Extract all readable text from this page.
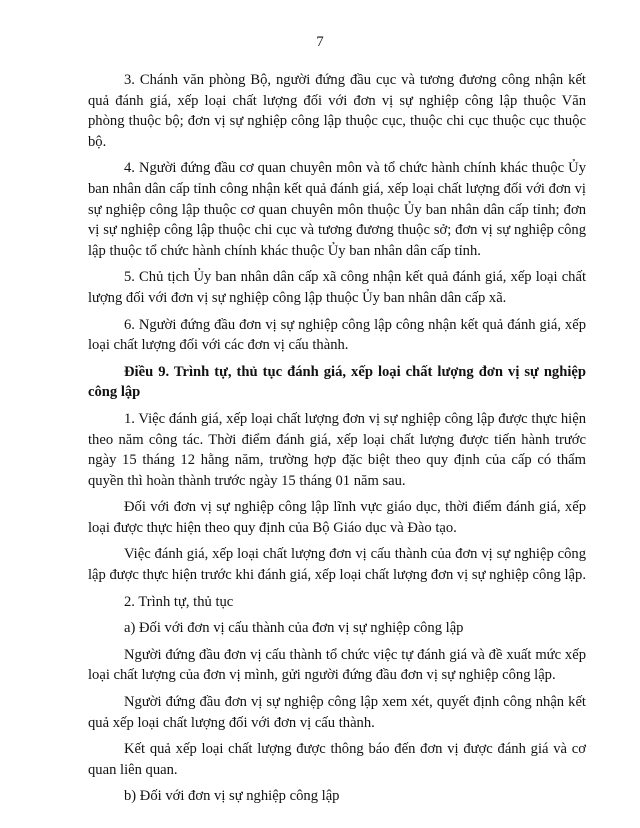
7

3. Chánh văn phòng Bộ, người đứng đầu cục và tương đương công nhận kết quả đánh giá, xếp loại chất lượng đối với đơn vị sự nghiệp công lập thuộc Văn phòng thuộc bộ; đơn vị sự nghiệp công lập thuộc cục, thuộc chi cục thuộc cục thuộc bộ.

4. Người đứng đầu cơ quan chuyên môn và tổ chức hành chính khác thuộc Ủy ban nhân dân cấp tỉnh công nhận kết quả đánh giá, xếp loại chất lượng đối với đơn vị sự nghiệp công lập thuộc cơ quan chuyên môn thuộc Ủy ban nhân dân cấp tỉnh; đơn vị sự nghiệp công lập thuộc chi cục và tương đương thuộc sở; đơn vị sự nghiệp công lập thuộc tổ chức hành chính khác thuộc Ủy ban nhân dân cấp tỉnh.

5. Chủ tịch Ủy ban nhân dân cấp xã công nhận kết quả đánh giá, xếp loại chất lượng đối với đơn vị sự nghiệp công lập thuộc Ủy ban nhân dân cấp xã.

6. Người đứng đầu đơn vị sự nghiệp công lập công nhận kết quả đánh giá, xếp loại chất lượng đối với các đơn vị cấu thành.

Điều 9. Trình tự, thủ tục đánh giá, xếp loại chất lượng đơn vị sự nghiệp công lập

1. Việc đánh giá, xếp loại chất lượng đơn vị sự nghiệp công lập được thực hiện theo năm công tác. Thời điểm đánh giá, xếp loại chất lượng được tiến hành trước ngày 15 tháng 12 hằng năm, trường hợp đặc biệt theo quy định của cấp có thẩm quyền thì hoàn thành trước ngày 15 tháng 01 năm sau.

Đối với đơn vị sự nghiệp công lập lĩnh vực giáo dục, thời điểm đánh giá, xếp loại được thực hiện theo quy định của Bộ Giáo dục và Đào tạo.

Việc đánh giá, xếp loại chất lượng đơn vị cấu thành của đơn vị sự nghiệp công lập được thực hiện trước khi đánh giá, xếp loại chất lượng đơn vị sự nghiệp công lập.

2. Trình tự, thủ tục

a) Đối với đơn vị cấu thành của đơn vị sự nghiệp công lập

Người đứng đầu đơn vị cấu thành tổ chức việc tự đánh giá và đề xuất mức xếp loại chất lượng của đơn vị mình, gửi người đứng đầu đơn vị sự nghiệp công lập.

Người đứng đầu đơn vị sự nghiệp công lập xem xét, quyết định công nhận kết quả xếp loại chất lượng đối với đơn vị cấu thành.

Kết quả xếp loại chất lượng được thông báo đến đơn vị được đánh giá và cơ quan liên quan.

b) Đối với đơn vị sự nghiệp công lập
